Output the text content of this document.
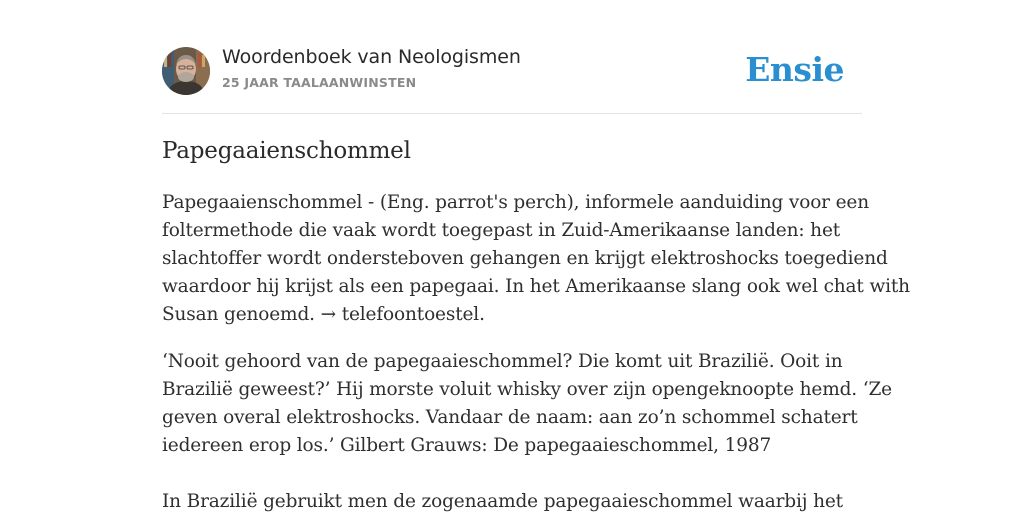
Woordenboek van Neologismen
25 JAAR TAALAANWINSTEN	Ensie
Papegaaienschommel

Papegaaienschommel - (Eng. parrot's perch), informele aanduiding voor een
foltermethode die vaak wordt toegepast in Zuid-Amerikaanse landen: het
slachtoffer wordt ondersteboven gehangen en krijgt elektroshocks toegediend
waardoor hij krijst als een papegaai. In het Amerikaanse slang ook wel chat with
Susan genoemd. → telefoontoestel.

‘Nooit gehoord van de papegaaieschommel? Die komt uit Brazilië. Ooit in
Brazilië geweest?’ Hij morste voluit whisky over zijn opengeknoopte hemd. ‘Ze
geven overal elektroshocks. Vandaar de naam: aan zo’n schommel schatert
iedereen erop los.’ Gilbert Grauws: De papegaaieschommel, 1987
In Brazilië gebruikt men de zogenaamde papegaaieschommel waarbij het
